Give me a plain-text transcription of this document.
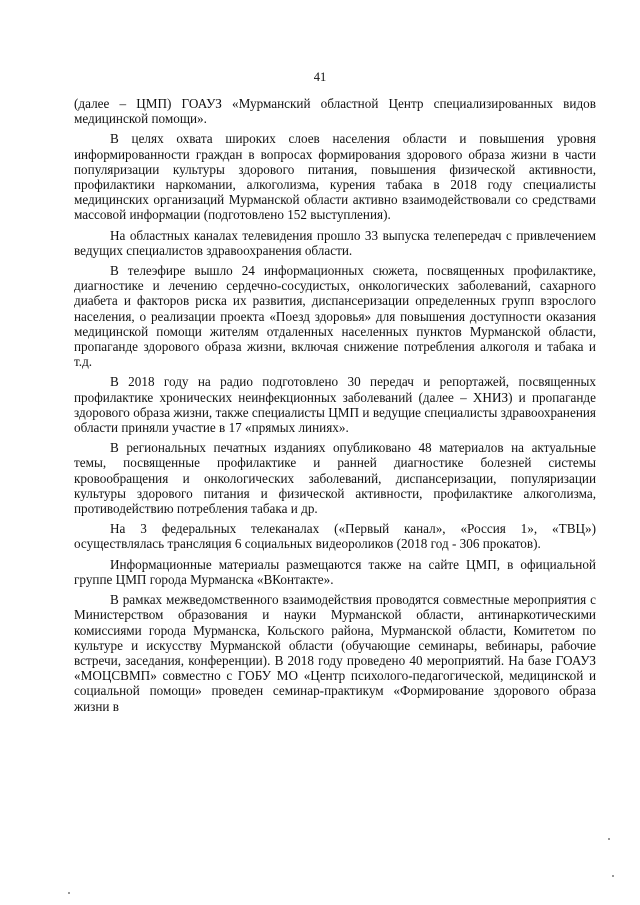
41

(далее – ЦМП) ГОАУЗ «Мурманский областной Центр специализированных видов медицинской помощи».

В целях охвата широких слоев населения области и повышения уровня информированности граждан в вопросах формирования здорового образа жизни в части популяризации культуры здорового питания, повышения физической активности, профилактики наркомании, алкоголизма, курения табака в 2018 году специалисты медицинских организаций Мурманской области активно взаимодействовали со средствами массовой информации (подготовлено 152 выступления).

На областных каналах телевидения прошло 33 выпуска телепередач с привлечением ведущих специалистов здравоохранения области.

В телеэфире вышло 24 информационных сюжета, посвященных профилактике, диагностике и лечению сердечно-сосудистых, онкологических заболеваний, сахарного диабета и факторов риска их развития, диспансеризации определенных групп взрослого населения, о реализации проекта «Поезд здоровья» для повышения доступности оказания медицинской помощи жителям отдаленных населенных пунктов Мурманской области, пропаганде здорового образа жизни, включая снижение потребления алкоголя и табака и т.д.

В 2018 году на радио подготовлено 30 передач и репортажей, посвященных профилактике хронических неинфекционных заболеваний (далее – ХНИЗ) и пропаганде здорового образа жизни, также специалисты ЦМП и ведущие специалисты здравоохранения области приняли участие в 17 «прямых линиях».

В региональных печатных изданиях опубликовано 48 материалов на актуальные темы, посвященные профилактике и ранней диагностике болезней системы кровообращения и онкологических заболеваний, диспансеризации, популяризации культуры здорового питания и физической активности, профилактике алкоголизма, противодействию потребления табака и др.

На 3 федеральных телеканалах («Первый канал», «Россия 1», «ТВЦ») осуществлялась трансляция 6 социальных видеороликов (2018 год - 306 прокатов).

Информационные материалы размещаются также на сайте ЦМП, в официальной группе ЦМП города Мурманска «ВКонтакте».

В рамках межведомственного взаимодействия проводятся совместные мероприятия с Министерством образования и науки Мурманской области, антинаркотическими комиссиями города Мурманска, Кольского района, Мурманской области, Комитетом по культуре и искусству Мурманской области (обучающие семинары, вебинары, рабочие встречи, заседания, конференции). В 2018 году проведено 40 мероприятий. На базе ГОАУЗ «МОЦСВМП» совместно с ГОБУ МО «Центр психолого-педагогической, медицинской и социальной помощи» проведен семинар-практикум «Формирование здорового образа жизни в
